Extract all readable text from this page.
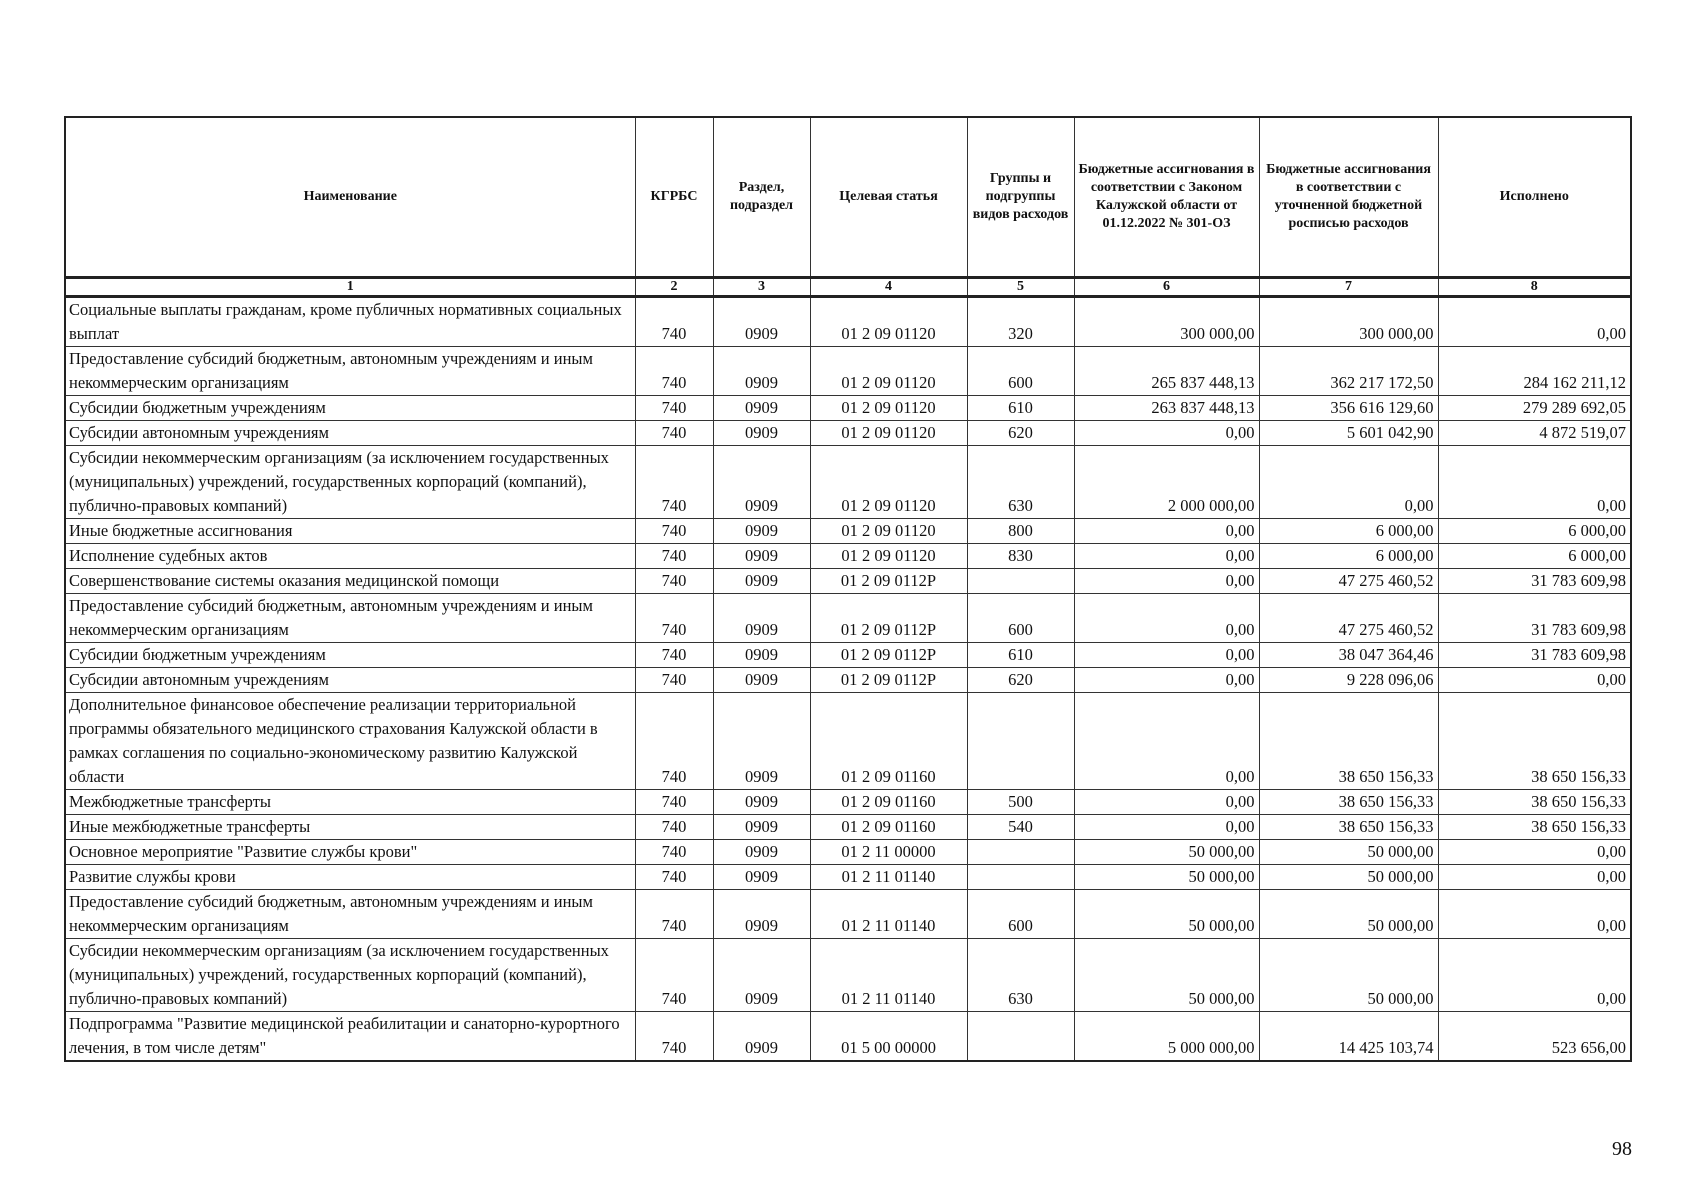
Наименование	КГРБС	Раздел, подраздел	Целевая статья	Группы и подгруппы видов расходов	Бюджетные ассигнования в соответствии с Законом Калужской области от 01.12.2022 № 301-ОЗ	Бюджетные ассигнования в соответствии с уточненной бюджетной росписью расходов	Исполнено
1	2	3	4	5	6	7	8
Социальные выплаты гражданам, кроме публичных нормативных социальных выплат	740	0909	01 2 09 01120	320	300 000,00	300 000,00	0,00
Предоставление субсидий бюджетным, автономным учреждениям и иным некоммерческим организациям	740	0909	01 2 09 01120	600	265 837 448,13	362 217 172,50	284 162 211,12
Субсидии бюджетным учреждениям	740	0909	01 2 09 01120	610	263 837 448,13	356 616 129,60	279 289 692,05
Субсидии автономным учреждениям	740	0909	01 2 09 01120	620	0,00	5 601 042,90	4 872 519,07
Субсидии некоммерческим организациям (за исключением государственных (муниципальных) учреждений, государственных корпораций (компаний), публично-правовых компаний)	740	0909	01 2 09 01120	630	2 000 000,00	0,00	0,00
Иные бюджетные ассигнования	740	0909	01 2 09 01120	800	0,00	6 000,00	6 000,00
Исполнение судебных актов	740	0909	01 2 09 01120	830	0,00	6 000,00	6 000,00
Совершенствование системы оказания медицинской помощи	740	0909	01 2 09 0112Р		0,00	47 275 460,52	31 783 609,98
Предоставление субсидий бюджетным, автономным учреждениям и иным некоммерческим организациям	740	0909	01 2 09 0112Р	600	0,00	47 275 460,52	31 783 609,98
Субсидии бюджетным учреждениям	740	0909	01 2 09 0112Р	610	0,00	38 047 364,46	31 783 609,98
Субсидии автономным учреждениям	740	0909	01 2 09 0112Р	620	0,00	9 228 096,06	0,00
Дополнительное финансовое обеспечение реализации территориальной программы обязательного медицинского страхования Калужской области в рамках соглашения по социально-экономическому развитию Калужской области	740	0909	01 2 09 01160		0,00	38 650 156,33	38 650 156,33
Межбюджетные трансферты	740	0909	01 2 09 01160	500	0,00	38 650 156,33	38 650 156,33
Иные межбюджетные трансферты	740	0909	01 2 09 01160	540	0,00	38 650 156,33	38 650 156,33
Основное мероприятие "Развитие службы крови"	740	0909	01 2 11 00000		50 000,00	50 000,00	0,00
Развитие службы крови	740	0909	01 2 11 01140		50 000,00	50 000,00	0,00
Предоставление субсидий бюджетным, автономным учреждениям и иным некоммерческим организациям	740	0909	01 2 11 01140	600	50 000,00	50 000,00	0,00
Субсидии некоммерческим организациям (за исключением государственных (муниципальных) учреждений, государственных корпораций (компаний), публично-правовых компаний)	740	0909	01 2 11 01140	630	50 000,00	50 000,00	0,00
Подпрограмма "Развитие медицинской реабилитации и санаторно-курортного лечения, в том числе детям"	740	0909	01 5 00 00000		5 000 000,00	14 425 103,74	523 656,00
98
